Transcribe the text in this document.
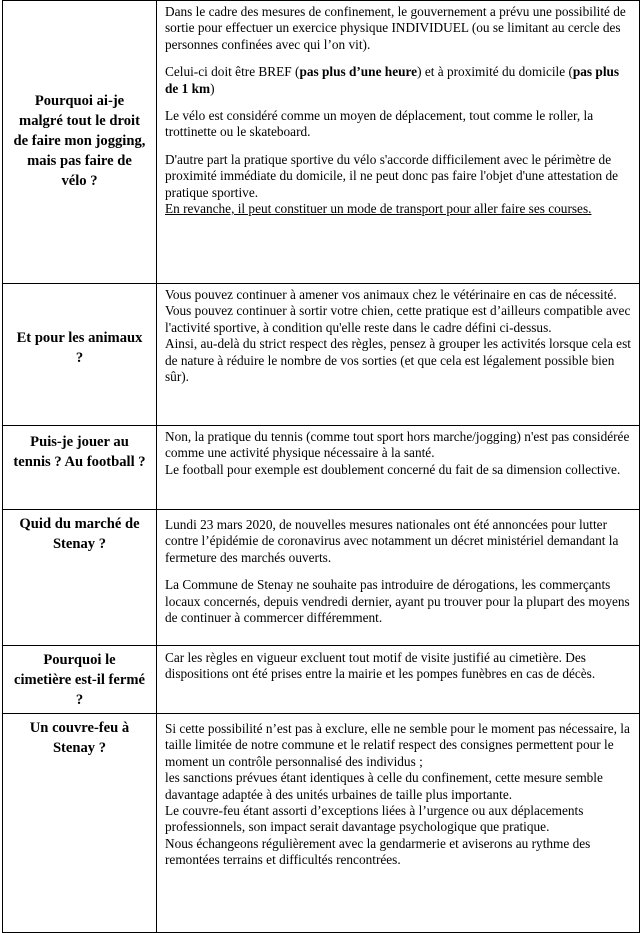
Pourquoi ai-je malgré tout le droit de faire mon jogging, mais pas faire de vélo ?	Dans le cadre des mesures de confinement, le gouvernement a prévu une possibilité de sortie pour effectuer un exercice physique INDIVIDUEL (ou se limitant au cercle des personnes confinées avec qui l’on vit).

Celui-ci doit être BREF (pas plus d’une heure) et à proximité du domicile (pas plus de 1 km)

Le vélo est considéré comme un moyen de déplacement, tout comme le roller, la trottinette ou le skateboard.

D'autre part la pratique sportive du vélo s'accorde difficilement avec le périmètre de proximité immédiate du domicile, il ne peut donc pas faire l'objet d'une attestation de pratique sportive.

En revanche, il peut constituer un mode de transport pour aller faire ses courses.

Et pour les animaux ?	Vous pouvez continuer à amener vos animaux chez le vétérinaire en cas de nécessité.

Vous pouvez continuer à sortir votre chien, cette pratique est d’ailleurs compatible avec l'activité sportive, à condition qu'elle reste dans le cadre défini ci-dessus.

Ainsi, au-delà du strict respect des règles, pensez à grouper les activités lorsque cela est de nature à réduire le nombre de vos sorties (et que cela est légalement possible bien sûr).

Puis-je jouer au tennis ? Au football ?	Non, la pratique du tennis (comme tout sport hors marche/jogging) n'est pas considérée comme une activité physique nécessaire à la santé.

Le football pour exemple est doublement concerné du fait de sa dimension collective.

Quid du marché de Stenay ?	Lundi 23 mars 2020, de nouvelles mesures nationales ont été annoncées pour lutter contre l’épidémie de coronavirus avec notamment un décret ministériel demandant la fermeture des marchés ouverts.

La Commune de Stenay ne souhaite pas introduire de dérogations, les commerçants locaux concernés, depuis vendredi dernier, ayant pu trouver pour la plupart des moyens de continuer à commercer différemment.

Pourquoi le cimetière est-il fermé ?	Car les règles en vigueur excluent tout motif de visite justifié au cimetière. Des dispositions ont été prises entre la mairie et les pompes funèbres en cas de décès.

Un couvre-feu à Stenay ?	Si cette possibilité n’est pas à exclure, elle ne semble pour le moment pas nécessaire, la taille limitée de notre commune et le relatif respect des consignes permettent pour le moment un contrôle personnalisé des individus ;

les sanctions prévues étant identiques à celle du confinement, cette mesure semble davantage adaptée à des unités urbaines de taille plus importante.

Le couvre-feu étant assorti d’exceptions liées à l’urgence ou aux déplacements professionnels, son impact serait davantage psychologique que pratique.

Nous échangeons régulièrement avec la gendarmerie et aviserons au rythme des remontées terrains et difficultés rencontrées.
